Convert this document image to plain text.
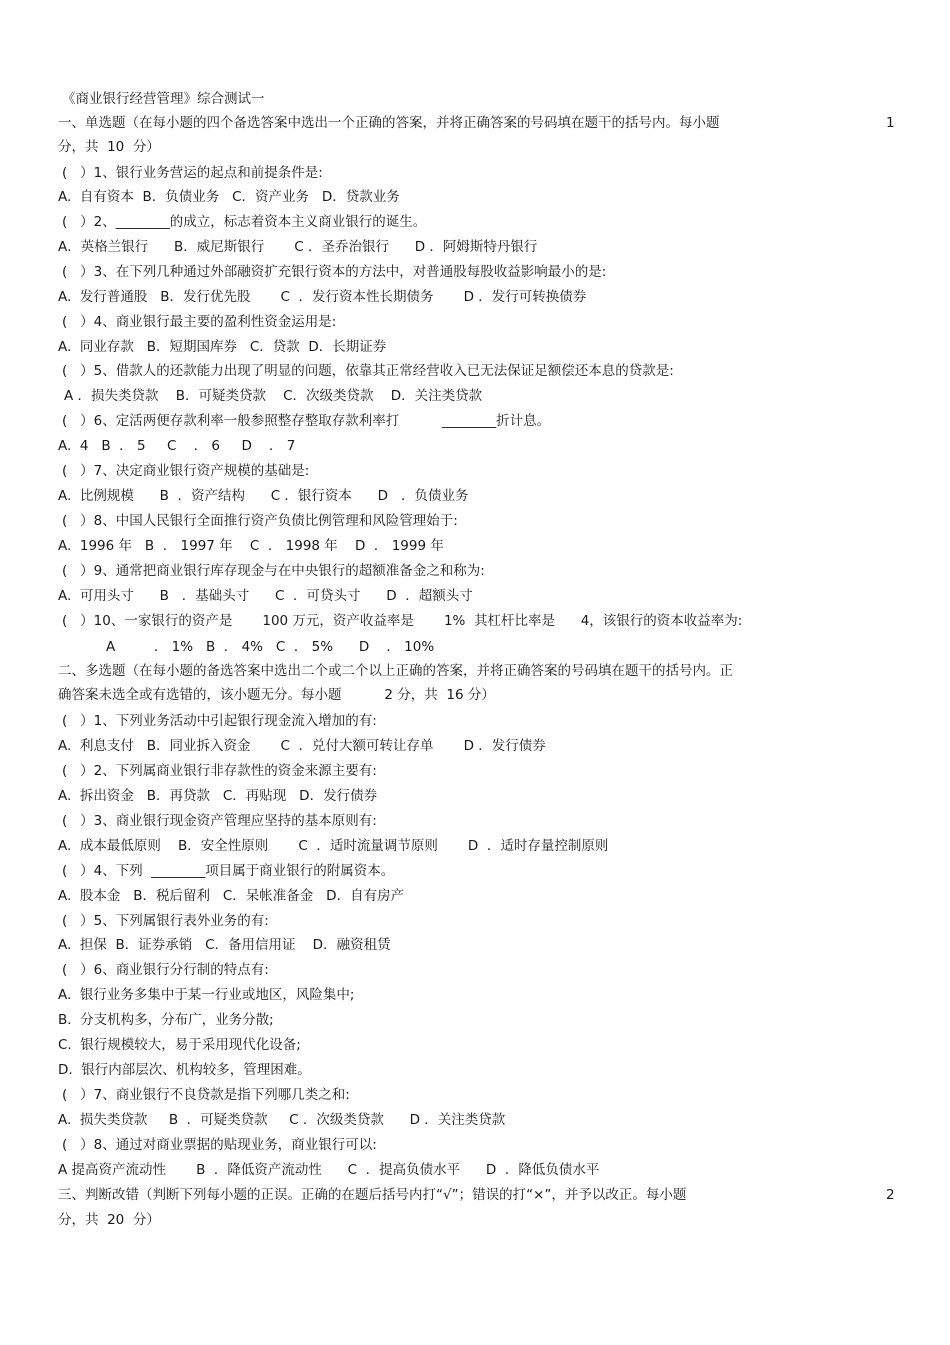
《商业银行经营管理》综合测试一
一、单选题（在每小题的四个备选答案中选出一个正确的答案，并将正确答案的号码填在题干的括号内。每小题	1
分，共  10  分）
(   ）1、银行业务营运的起点和前提条件是:
A.  自有资本  B．负债业务   C．资产业务   D．贷款业务
(   ）2、________的成立，标志着资本主义商业银行的诞生。
A．英格兰银行      B．威尼斯银行       C ．圣乔治银行      D ．阿姆斯特丹银行
(   ）3、在下列几种通过外部融资扩充银行资本的方法中，对普通股每股收益影响最小的是:
A.  发行普通股   B．发行优先股       C  ．发行资本性长期债务       D ．发行可转换债券
(   ）4、商业银行最主要的盈利性资金运用是:
A.  同业存款   B．短期国库券   C．贷款  D．长期证券
(   ）5、借款人的还款能力出现了明显的问题，依靠其正常经营收入已无法保证足额偿还本息的贷款是:
A ．损失类贷款    B．可疑类贷款    C．次级类贷款    D．关注类贷款
(   ）6、定活两便存款利率一般参照整存整取存款利率打          ________折计息。
A.  4   B  ． 5     C    ． 6     D    ． 7
(   ）7、决定商业银行资产规模的基础是:
A.  比例规模      B  ．资产结构      C ．银行资本      D   ．负债业务
(   ）8、中国人民银行全面推行资产负债比例管理和风险管理始于:
A.  1996 年   B  ． 1997 年    C  ． 1998 年    D  ． 1999 年
(   ）9、通常把商业银行库存现金与在中央银行的超额准备金之和称为:
A.  可用头寸      B   ．基础头寸      C  ．可贷头寸      D  ．超额头寸
(   ）10、一家银行的资产是       100 万元，资产收益率是       1%  其杠杆比率是      4，该银行的资本收益率为:
A         ． 1%   B  ． 4%   C  ． 5%      D    ． 10%
二、多选题（在每小题的备选答案中选出二个或二个以上正确的答案，并将正确答案的号码填在题干的括号内。正
确答案未选全或有选错的，该小题无分。每小题          2 分，共  16 分）
(   ）1、下列业务活动中引起银行现金流入增加的有:
A.  利息支付   B．同业拆入资金       C  ．兑付大额可转让存单       D ．发行债券
(   ）2、下列属商业银行非存款性的资金来源主要有:
A.  拆出资金   B．再贷款   C．再贴现   D．发行债券
(   ）3、商业银行现金资产管理应坚持的基本原则有:
A.  成本最低原则    B．安全性原则       C  ．适时流量调节原则       D  ．适时存量控制原则
(   ）4、下列  ________项目属于商业银行的附属资本。
A.  股本金   B．税后留利   C．呆帐准备金   D．自有房产
(   ）5、下列属银行表外业务的有:
A.  担保  B．证券承销   C．备用信用证    D．融资租赁
(   ）6、商业银行分行制的特点有:
A.  银行业务多集中于某一行业或地区，风险集中;
B.  分支机构多，分布广，业务分散;
C.  银行规模较大，易于采用现代化设备;
D.  银行内部层次、机构较多，管理困难。
(   ）7、商业银行不良贷款是指下列哪几类之和:
A.  损失类贷款     B  ．可疑类贷款     C ．次级类贷款      D ．关注类贷款
(   ）8、通过对商业票据的贴现业务，商业银行可以:
A 提高资产流动性       B  ．降低资产流动性      C  ．提高负债水平      D  ．降低负债水平
三、判断改错（判断下列每小题的正误。正确的在题后括号内打“√”；错误的打“×”，并予以改正。每小题	2
分，共  20  分）
